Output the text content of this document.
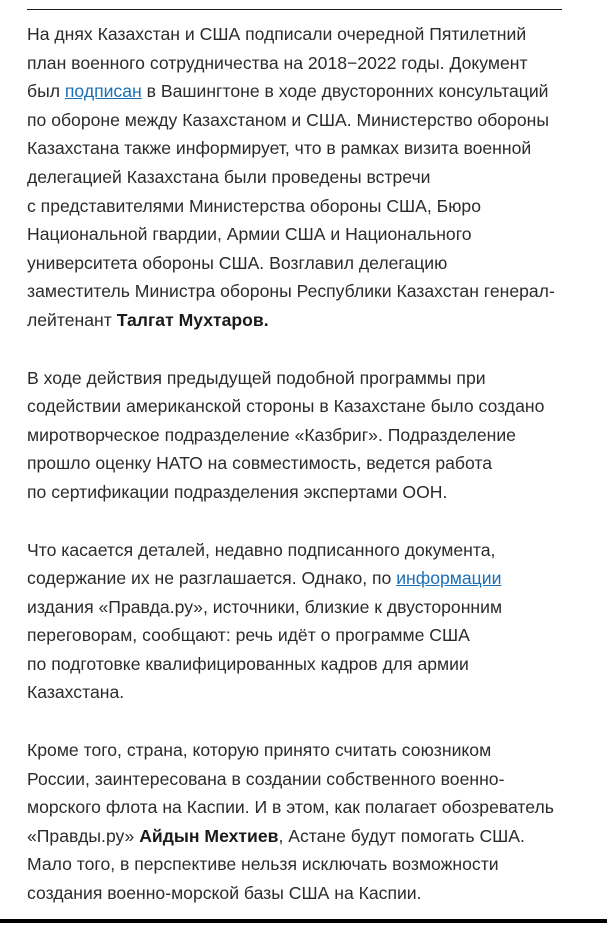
На днях Казахстан и США подписали очередной Пятилетний
план военного сотрудничества на 2018−2022 годы. Документ
был подписан в Вашингтоне в ходе двусторонних консультаций
по обороне между Казахстаном и США. Министерство обороны
Казахстана также информирует, что в рамках визита военной
делегацией Казахстана были проведены встречи
с представителями Министерства обороны США, Бюро
Национальной гвардии, Армии США и Национального
университета обороны США. Возглавил делегацию
заместитель Министра обороны Республики Казахстан генерал-
лейтенант Талгат Мухтаров.

В ходе действия предыдущей подобной программы при
содействии американской стороны в Казахстане было создано
миротворческое подразделение «Казбриг». Подразделение
прошло оценку НАТО на совместимость, ведется работа
по сертификации подразделения экспертами ООН.

Что касается деталей, недавно подписанного документа,
содержание их не разглашается. Однако, по информации
издания «Правда.ру», источники, близкие к двусторонним
переговорам, сообщают: речь идёт о программе США
по подготовке квалифицированных кадров для армии
Казахстана.

Кроме того, страна, которую принято считать союзником
России, заинтересована в создании собственного военно-
морского флота на Каспии. И в этом, как полагает обозреватель
«Правды.ру» Айдын Мехтиев, Астане будут помогать США.
Мало того, в перспективе нельзя исключать возможности
создания военно-морской базы США на Каспии.
